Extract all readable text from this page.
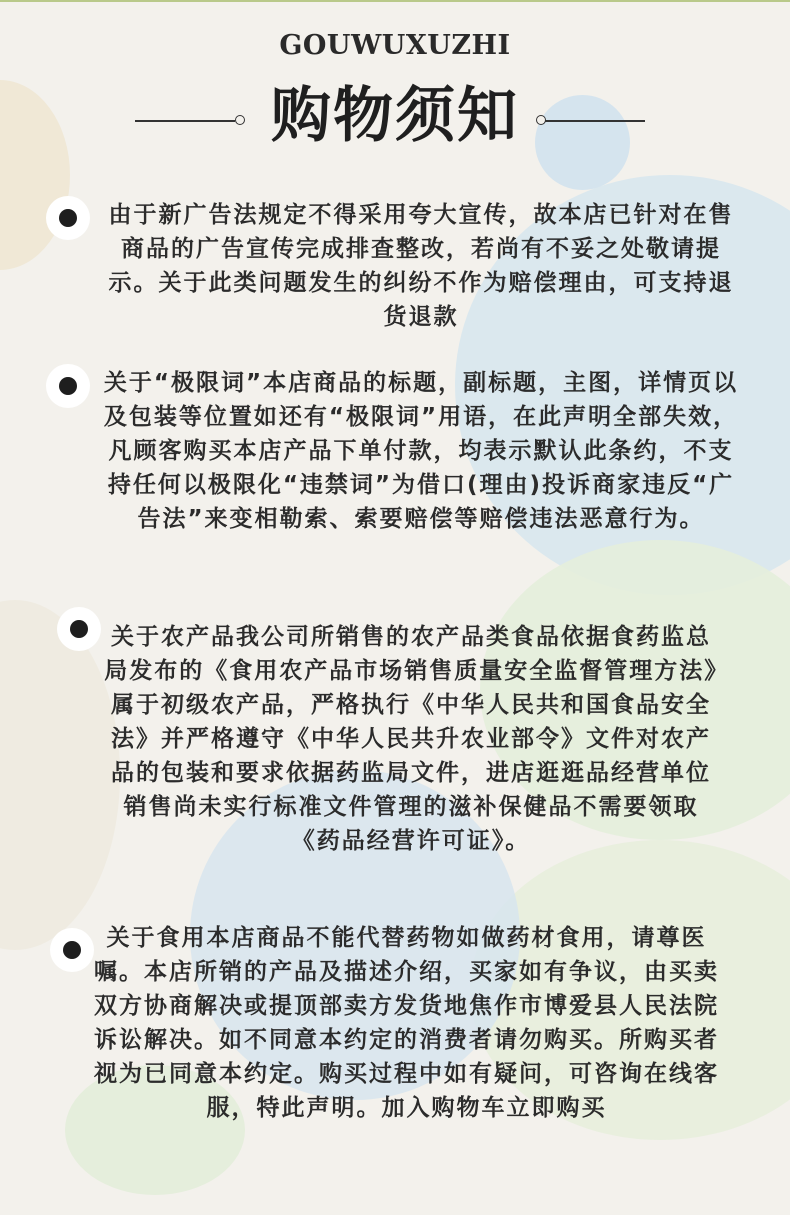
GOUWUXUZHI
购物须知
由于新广告法规定不得采用夸大宣传，故本店已针对在售商品的广告宣传完成排查整改，若尚有不妥之处敬请提示。关于此类问题发生的纠纷不作为赔偿理由，可支持退货退款
关于“极限词”本店商品的标题，副标题，主图，详情页以及包装等位置如还有“极限词”用语，在此声明全部失效，凡顾客购买本店产品下单付款，均表示默认此条约，不支持任何以极限化“违禁词”为借口(理由)投诉商家违反“广告法”来变相勒索、索要赔偿等赔偿违法恶意行为。
关于农产品我公司所销售的农产品类食品依据食药监总局发布的《食用农产品市场销售质量安全监督管理方法》属于初级农产品，严格执行《中华人民共和国食品安全法》并严格遵守《中华人民共升农业部令》文件对农产品的包装和要求依据药监局文件，进店逛逛品经营单位销售尚未实行标准文件管理的滋补保健品不需要领取《药品经营许可证》。
关于食用本店商品不能代替药物如做药材食用，请尊医嘱。本店所销的产品及描述介绍，买家如有争议，由买卖双方协商解决或提顶部卖方发货地焦作市博爱县人民法院诉讼解决。如不同意本约定的消费者请勿购买。所购买者视为已同意本约定。购买过程中如有疑问，可咨询在线客服，特此声明。加入购物车立即购买
